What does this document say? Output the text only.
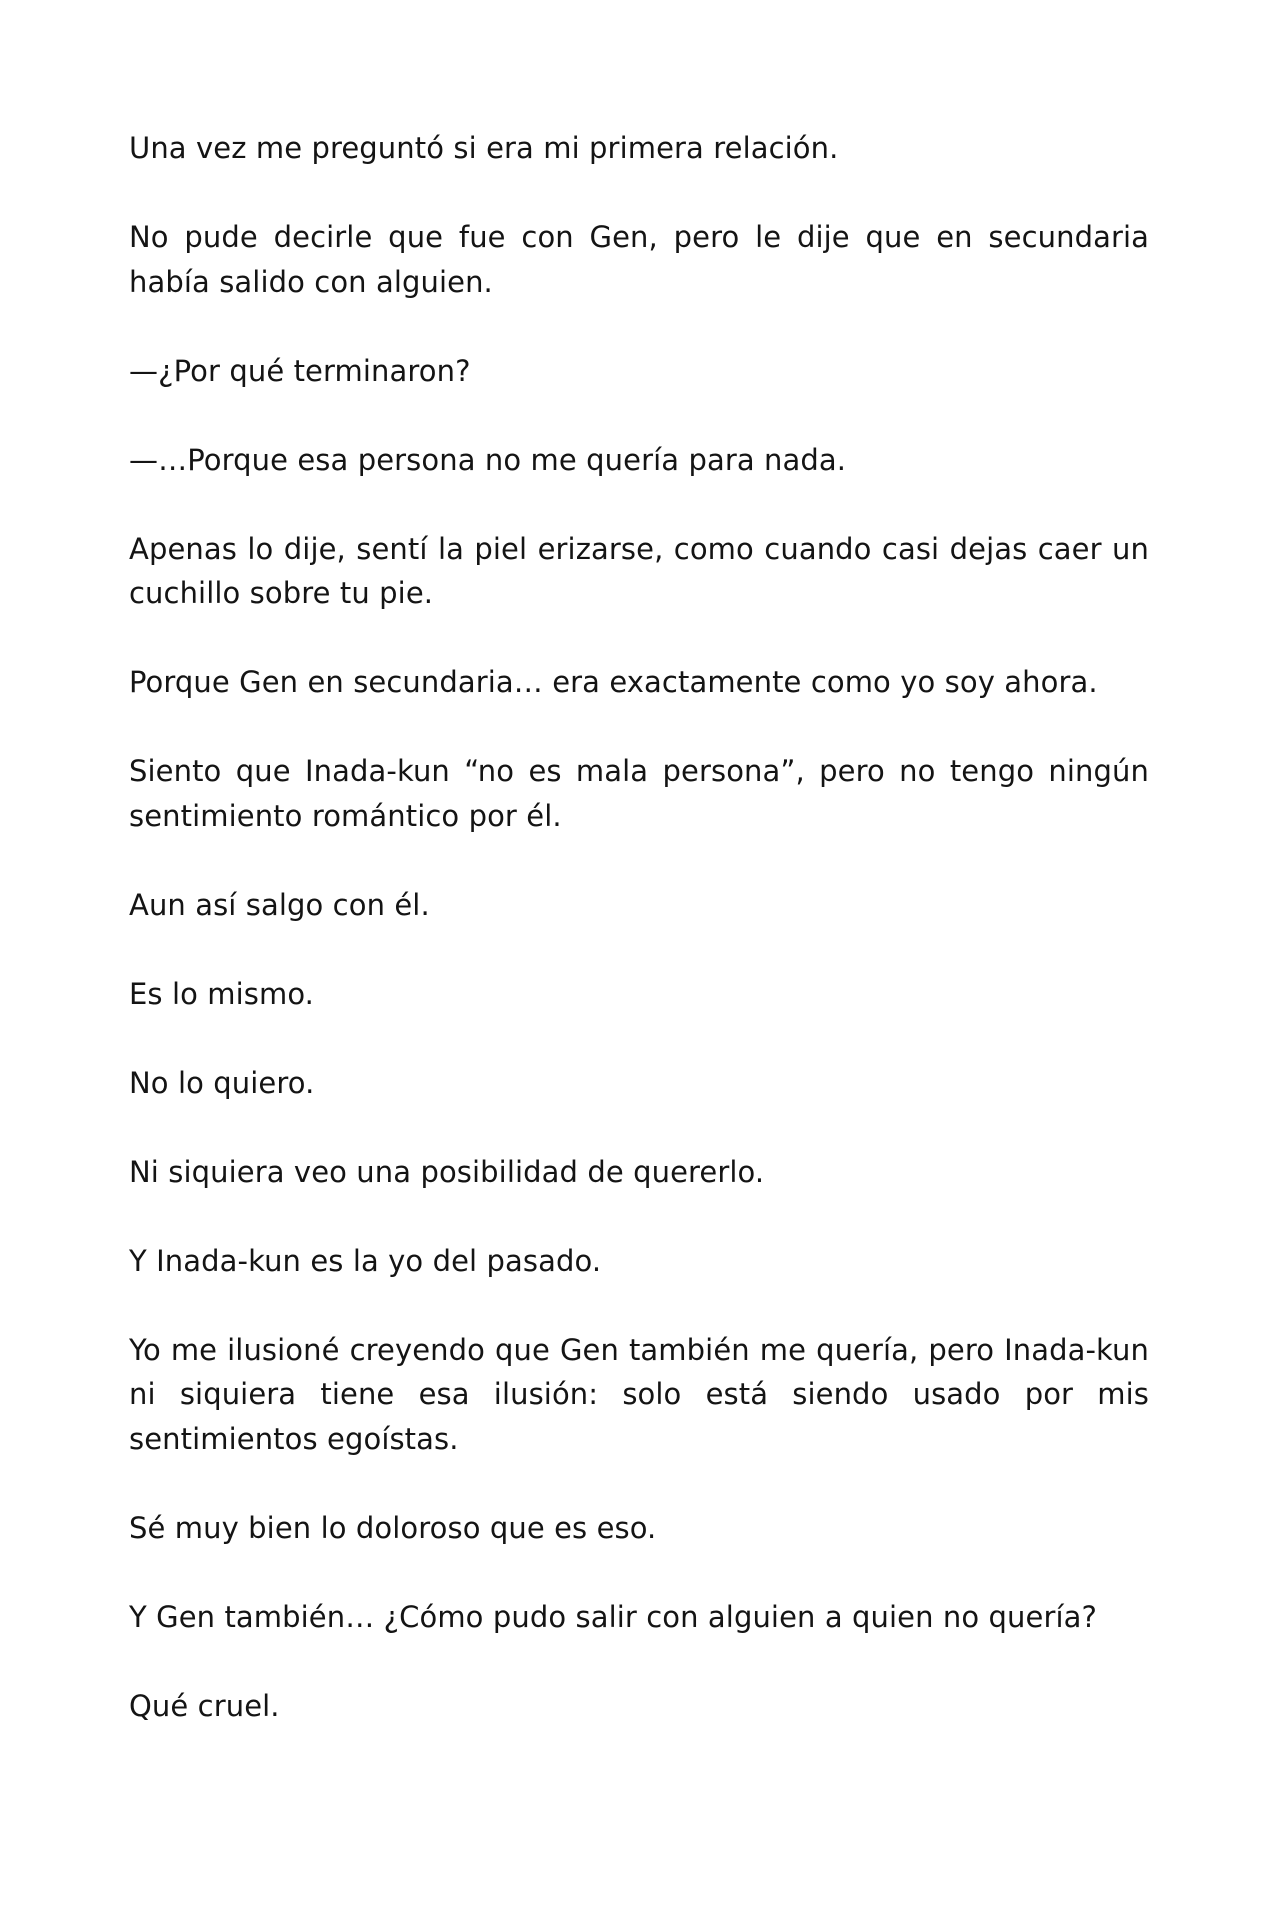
Una vez me preguntó si era mi primera relación.

No pude decirle que fue con Gen, pero le dije que en secundaria había salido con alguien.

—¿Por qué terminaron?

—…Porque esa persona no me quería para nada.

Apenas lo dije, sentí la piel erizarse, como cuando casi dejas caer un cuchillo sobre tu pie.

Porque Gen en secundaria… era exactamente como yo soy ahora.

Siento que Inada-kun “no es mala persona”, pero no tengo ningún sentimiento romántico por él.

Aun así salgo con él.

Es lo mismo.

No lo quiero.

Ni siquiera veo una posibilidad de quererlo.

Y Inada-kun es la yo del pasado.

Yo me ilusioné creyendo que Gen también me quería, pero Inada-kun ni siquiera tiene esa ilusión: solo está siendo usado por mis sentimientos egoístas.

Sé muy bien lo doloroso que es eso.

Y Gen también… ¿Cómo pudo salir con alguien a quien no quería?

Qué cruel.
